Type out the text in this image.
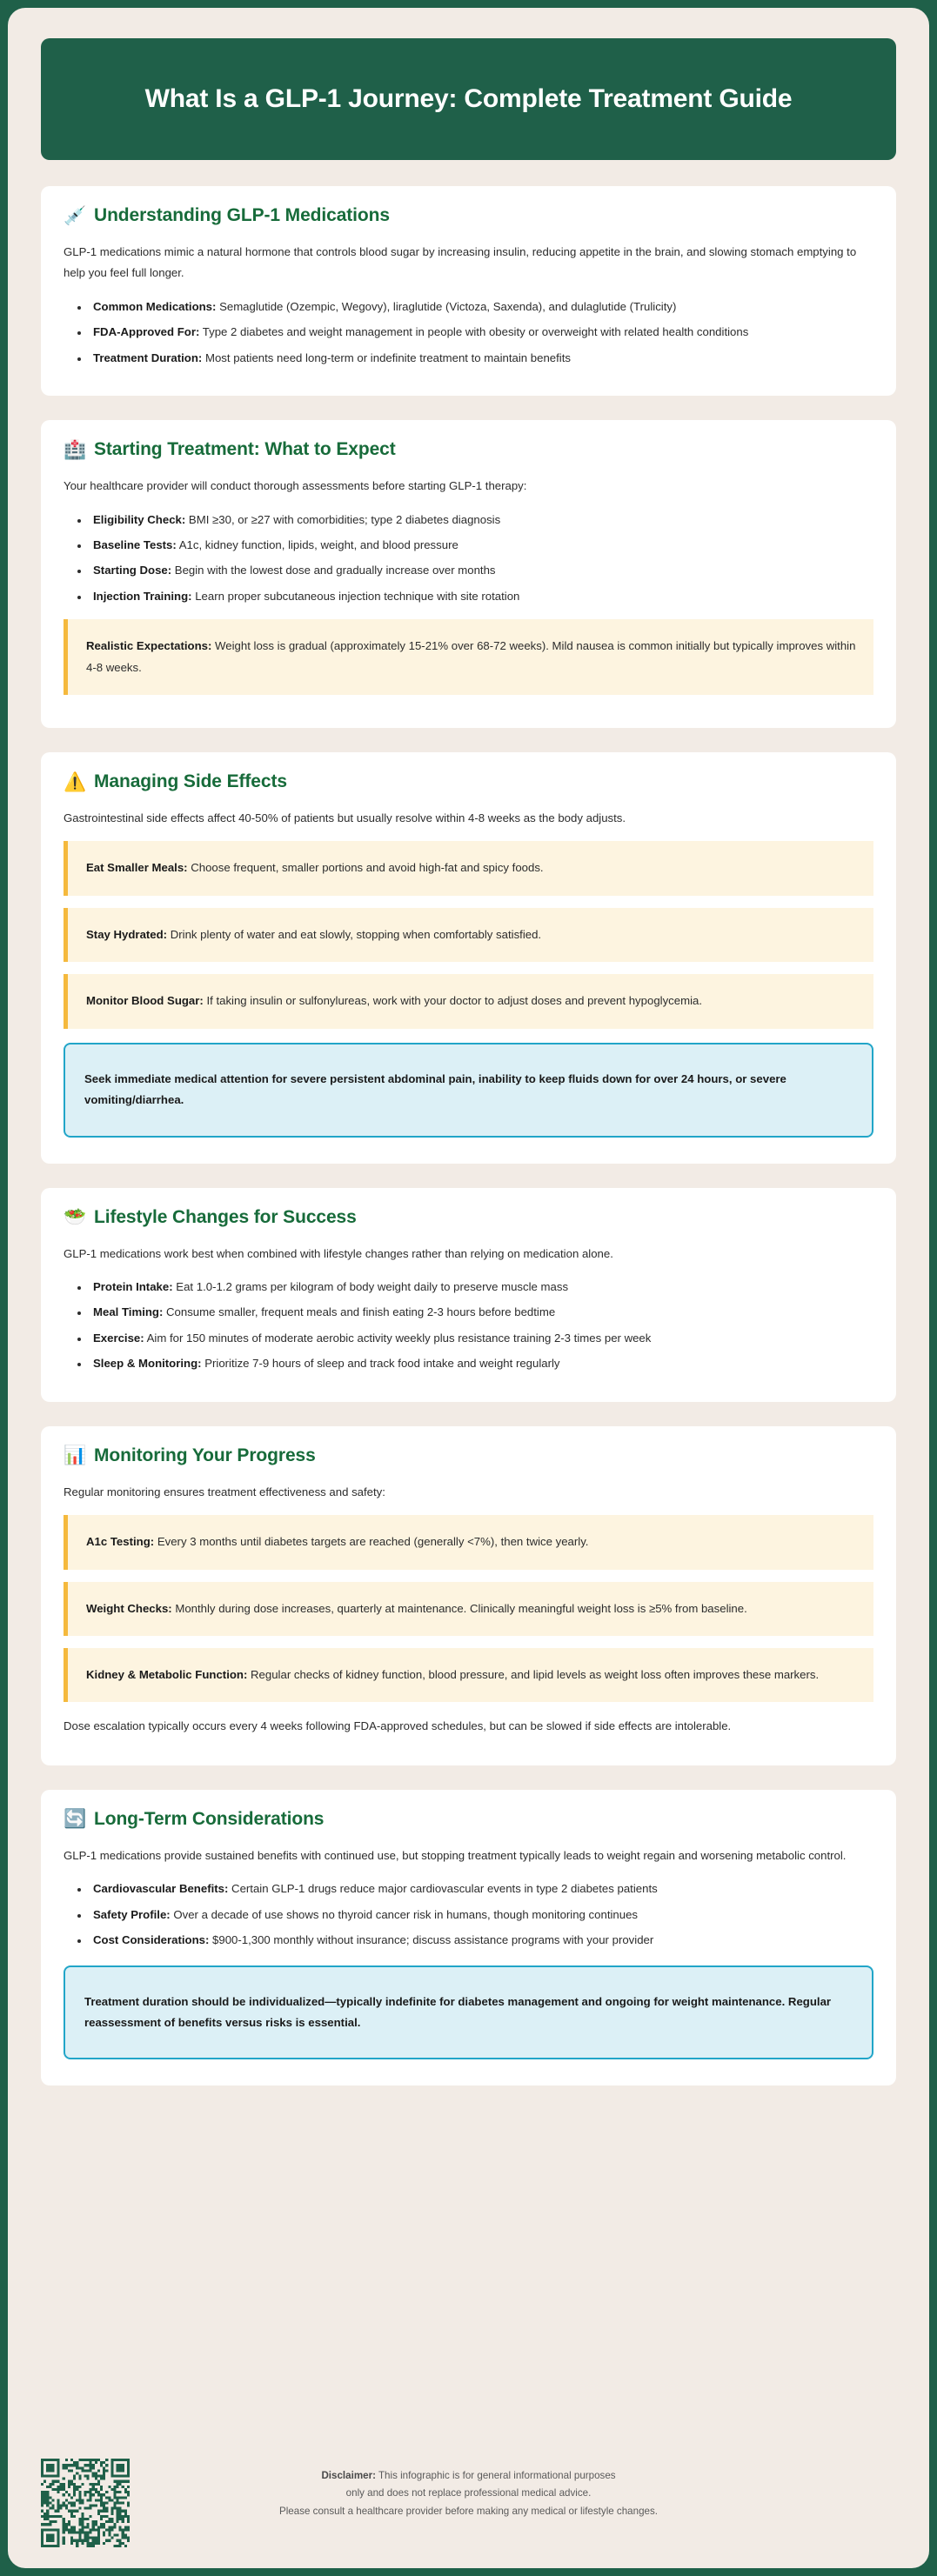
What Is a GLP-1 Journey: Complete Treatment Guide
💉 Understanding GLP-1 Medications

GLP-1 medications mimic a natural hormone that controls blood sugar by increasing insulin, reducing appetite in the brain, and slowing stomach emptying to help you feel full longer.

• Common Medications: Semaglutide (Ozempic, Wegovy), liraglutide (Victoza, Saxenda), and dulaglutide (Trulicity)
• FDA-Approved For: Type 2 diabetes and weight management in people with obesity or overweight with related health conditions
• Treatment Duration: Most patients need long-term or indefinite treatment to maintain benefits
🏥 Starting Treatment: What to Expect

Your healthcare provider will conduct thorough assessments before starting GLP-1 therapy:

• Eligibility Check: BMI ≥30, or ≥27 with comorbidities; type 2 diabetes diagnosis
• Baseline Tests: A1c, kidney function, lipids, weight, and blood pressure
• Starting Dose: Begin with the lowest dose and gradually increase over months
• Injection Training: Learn proper subcutaneous injection technique with site rotation

Realistic Expectations: Weight loss is gradual (approximately 15-21% over 68-72 weeks). Mild nausea is common initially but typically improves within 4-8 weeks.

⚠️ Managing Side Effects

Gastrointestinal side effects affect 40-50% of patients but usually resolve within 4-8 weeks as the body adjusts.

Eat Smaller Meals: Choose frequent, smaller portions and avoid high-fat and spicy foods.

Stay Hydrated: Drink plenty of water and eat slowly, stopping when comfortably satisfied.

Monitor Blood Sugar: If taking insulin or sulfonylureas, work with your doctor to adjust doses and prevent hypoglycemia.

Seek immediate medical attention for severe persistent abdominal pain, inability to keep fluids down for over 24 hours, or severe vomiting/diarrhea.

🥗 Lifestyle Changes for Success

GLP-1 medications work best when combined with lifestyle changes rather than relying on medication alone.

• Protein Intake: Eat 1.0-1.2 grams per kilogram of body weight daily to preserve muscle mass
• Meal Timing: Consume smaller, frequent meals and finish eating 2-3 hours before bedtime
• Exercise: Aim for 150 minutes of moderate aerobic activity weekly plus resistance training 2-3 times per week
• Sleep & Monitoring: Prioritize 7-9 hours of sleep and track food intake and weight regularly
📊 Monitoring Your Progress

Regular monitoring ensures treatment effectiveness and safety:

A1c Testing: Every 3 months until diabetes targets are reached (generally <7%), then twice yearly.

Weight Checks: Monthly during dose increases, quarterly at maintenance. Clinically meaningful weight loss is ≥5% from baseline.

Kidney & Metabolic Function: Regular checks of kidney function, blood pressure, and lipid levels as weight loss often improves these markers.

Dose escalation typically occurs every 4 weeks following FDA-approved schedules, but can be slowed if side effects are intolerable.

🔄 Long-Term Considerations

GLP-1 medications provide sustained benefits with continued use, but stopping treatment typically leads to weight regain and worsening metabolic control.

• Cardiovascular Benefits: Certain GLP-1 drugs reduce major cardiovascular events in type 2 diabetes patients
• Safety Profile: Over a decade of use shows no thyroid cancer risk in humans, though monitoring continues
• Cost Considerations: $900-1,300 monthly without insurance; discuss assistance programs with your provider

Treatment duration should be individualized—typically indefinite for diabetes management and ongoing for weight maintenance. Regular reassessment of benefits versus risks is essential.

Disclaimer: This infographic is for general informational purposes
only and does not replace professional medical advice.
Please consult a healthcare provider before making any medical or lifestyle changes.
